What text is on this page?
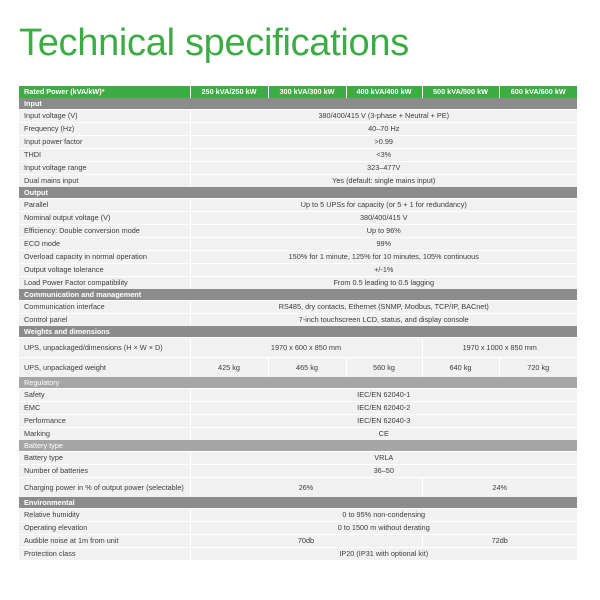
Technical specifications
Rated Power (kVA/kW)*	250 kVA/250 kW	300 kVA/300 kW	400 kVA/400 kW	500 kVA/500 kW	600 kVA/600 kW
Input					
Input voltage (V)	380/400/415 V (3-phase + Neutral + PE)				
Frequency (Hz)	40–70 Hz				
Input power factor	>0.99				
THDI	<3%				
Input voltage range	323–477V				
Dual mains input	Yes (default: single mains input)				
Output					
Parallel	Up to 5 UPSs for capacity (or 5 + 1 for redundancy)				
Nominal output voltage (V)	380/400/415 V				
Efficiency: Double conversion mode	Up to 96%				
ECO mode	99%				
Overload capacity in normal operation	150% for 1 minute, 125% for 10 minutes, 105% continuous				
Output voltage tolerance	+/-1%				
Load Power Factor compatibility	From 0.5 leading to 0.5 lagging				
Communication and management					
Communication interface	RS485, dry contacts, Ethernet (SNMP, Modbus, TCP/IP, BACnet)				
Control panel	7-inch touchscreen LCD, status, and display console				
Weights and dimensions					
UPS, unpackaged/dimensions (H × W × D)	1970 x 600 x 850 mm			1970 x 1000 x 850 mm	
UPS, unpackaged weight	425 kg	465 kg	560 kg	640 kg	720 kg
Regulatory					
Safety	IEC/EN 62040-1				
EMC	IEC/EN 62040-2				
Performance	IEC/EN 62040-3				
Marking	CE				
Battery type					
Battery type	VRLA				
Number of batteries	36–50				
Charging power in % of output power (selectable)	26%			24%	
Environmental					
Relative humidity	0 to 95% non-condensing				
Operating elevation	0 to 1500 m without derating				
Audible noise at 1m from unit	70db			72db	
Protection class	IP20 (IP31 with optional kit)				
